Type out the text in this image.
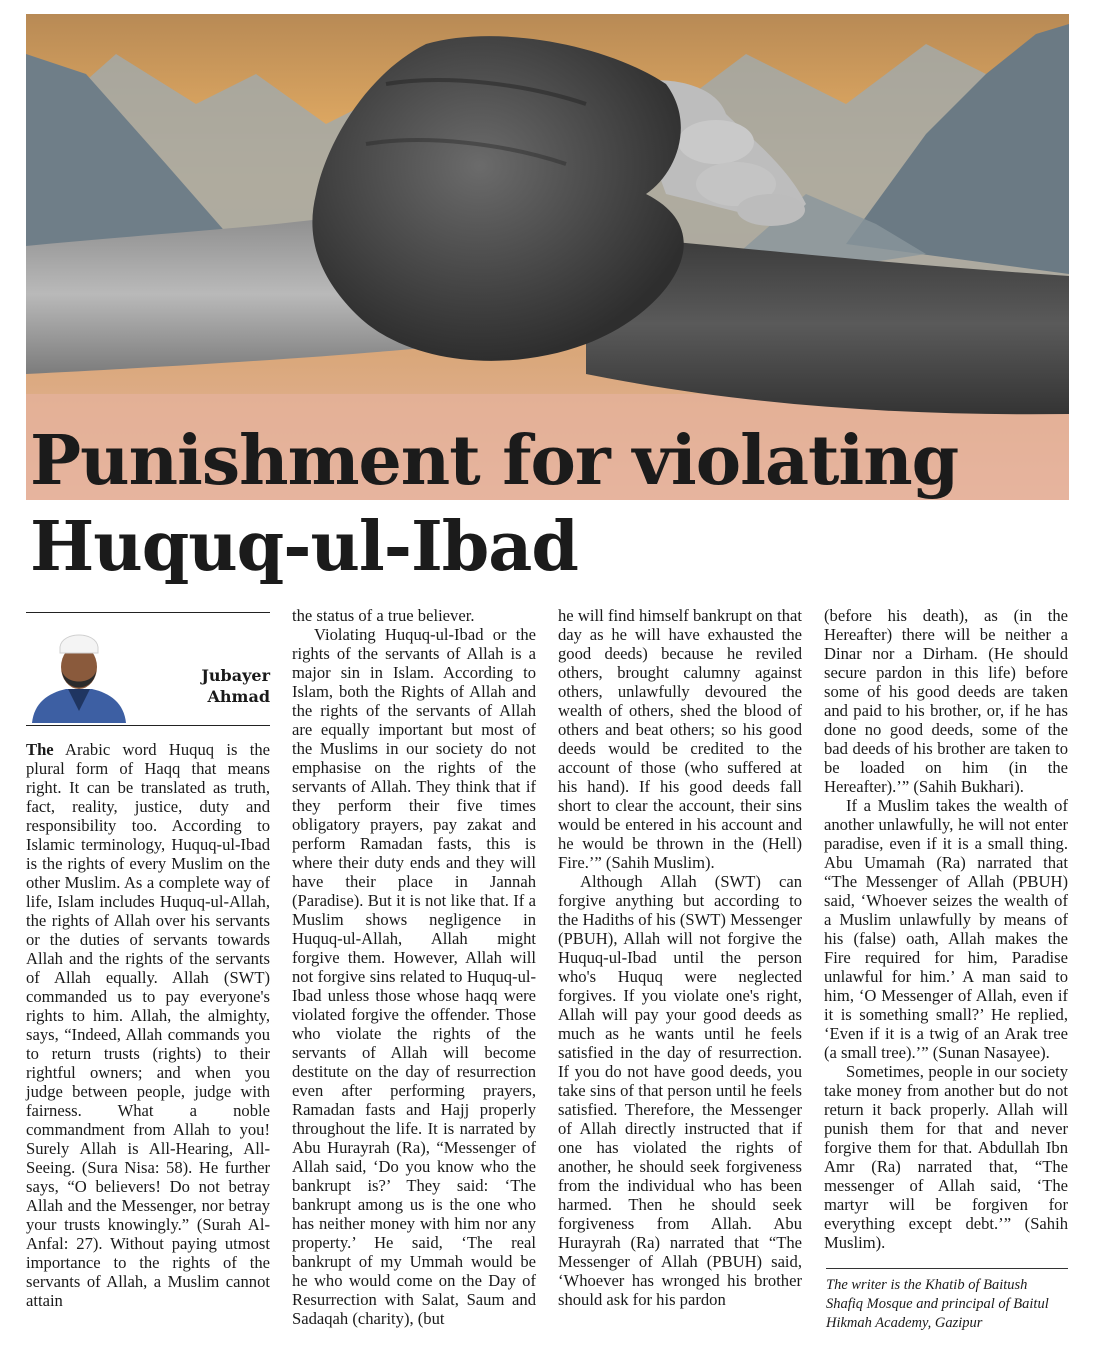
Punishment for violating
Huquq-ul-Ibad
Jubayer
Ahmad

The Arabic word Huquq is the plural form of Haqq that means right. It can be translated as truth, fact, reality, justice, duty and responsibility too. According to Islamic terminology, Huquq-ul-Ibad is the rights of every Muslim on the other Muslim. As a complete way of life, Islam includes Huquq-ul-Allah, the rights of Allah over his servants or the duties of servants towards Allah and the rights of the servants of Allah equally. Allah (SWT) commanded us to pay everyone's rights to him. Allah, the almighty, says, “Indeed, Allah commands you to return trusts (rights) to their rightful owners; and when you judge between people, judge with fairness. What a noble commandment from Allah to you! Surely Allah is All-Hearing, All-Seeing. (Sura Nisa: 58). He further says, “O believers! Do not betray Allah and the Messenger, nor betray your trusts knowingly.” (Surah Al-Anfal: 27). Without paying utmost importance to the rights of the servants of Allah, a Muslim cannot attain

the status of a true believer.

Violating Huquq-ul-Ibad or the rights of the servants of Allah is a major sin in Islam. According to Islam, both the Rights of Allah and the rights of the servants of Allah are equally important but most of the Muslims in our society do not emphasise on the rights of the servants of Allah. They think that if they perform their five times obligatory prayers, pay zakat and perform Ramadan fasts, this is where their duty ends and they will have their place in Jannah (Paradise). But it is not like that. If a Muslim shows negligence in Huquq-ul-Allah, Allah might forgive them. However, Allah will not forgive sins related to Huquq-ul-Ibad unless those whose haqq were violated forgive the offender. Those who violate the rights of the servants of Allah will become destitute on the day of resurrection even after performing prayers, Ramadan fasts and Hajj properly throughout the life. It is narrated by Abu Hurayrah (Ra), “Messenger of Allah said, ‘Do you know who the bankrupt is?’ They said: ‘The bankrupt among us is the one who has neither money with him nor any property.’ He said, ‘The real bankrupt of my Ummah would be he who would come on the Day of Resurrection with Salat, Saum and Sadaqah (charity), (but

he will find himself bankrupt on that day as he will have exhausted the good deeds) because he reviled others, brought calumny against others, unlawfully devoured the wealth of others, shed the blood of others and beat others; so his good deeds would be credited to the account of those (who suffered at his hand). If his good deeds fall short to clear the account, their sins would be entered in his account and he would be thrown in the (Hell) Fire.’” (Sahih Muslim).

Although Allah (SWT) can forgive anything but according to the Hadiths of his (SWT) Messenger (PBUH), Allah will not forgive the Huquq-ul-Ibad until the person who's Huquq were neglected forgives. If you violate one's right, Allah will pay your good deeds as much as he wants until he feels satisfied in the day of resurrection. If you do not have good deeds, you take sins of that person until he feels satisfied. Therefore, the Messenger of Allah directly instructed that if one has violated the rights of another, he should seek forgiveness from the individual who has been harmed. Then he should seek forgiveness from Allah. Abu Hurayrah (Ra) narrated that “The Messenger of Allah (PBUH) said, ‘Whoever has wronged his brother should ask for his pardon

(before his death), as (in the Hereafter) there will be neither a Dinar nor a Dirham. (He should secure pardon in this life) before some of his good deeds are taken and paid to his brother, or, if he has done no good deeds, some of the bad deeds of his brother are taken to be loaded on him (in the Hereafter).’” (Sahih Bukhari).

If a Muslim takes the wealth of another unlawfully, he will not enter paradise, even if it is a small thing. Abu Umamah (Ra) narrated that “The Messenger of Allah (PBUH) said, ‘Whoever seizes the wealth of a Muslim unlawfully by means of his (false) oath, Allah makes the Fire required for him, Paradise unlawful for him.’ A man said to him, ‘O Messenger of Allah, even if it is something small?’ He replied, ‘Even if it is a twig of an Arak tree (a small tree).’” (Sunan Nasayee).

Sometimes, people in our society take money from another but do not return it back properly. Allah will punish them for that and never forgive them for that. Abdullah Ibn Amr (Ra) narrated that, “The messenger of Allah said, ‘The martyr will be forgiven for everything except debt.’” (Sahih Muslim).

The writer is the Khatib of Baitush Shafiq Mosque and principal of Baitul Hikmah Academy, Gazipur
